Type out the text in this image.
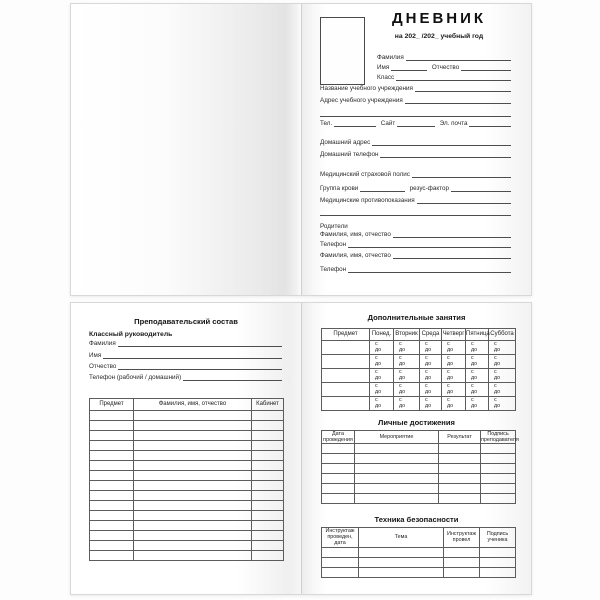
ДНЕВНИК
на 202_ /202_ учебный год
Фамилия
Имя	Отчество
Класс
Название учебного учреждения
Адрес учебного учреждения
Тел.	Сайт	Эл. почта
Домашний адрес
Домашний телефон
Медицинский страховой полис
Группа крови	резус-фактор
Медицинские противопоказания
Родители
Фамилия, имя, отчество
Телефон
Фамилия, имя, отчество
Телефон
Преподавательский состав
Классный руководитель
Фамилия
Имя
Отчество
Телефон (рабочий / домашний)
Предмет	Фамилия, имя, отчество	Кабинет

Дополнительные занятия
Предмет	Понед.	Вторник	Среда	Четверг	Пятница	Суббота

	с
до	с
до	с
до	с
до	с
до	с
до

	с
до	с
до	с
до	с
до	с
до	с
до

	с
до	с
до	с
до	с
до	с
до	с
до

	с
до	с
до	с
до	с
до	с
до	с
до

	с
до	с
до	с
до	с
до	с
до	с
до
Личные достижения
Дата проведения	Мероприятие	Результат	Подпись преподавателя

Техника безопасности
Инструктаж проведен, дата	Тема	Инструктаж провел	Подпись ученика
